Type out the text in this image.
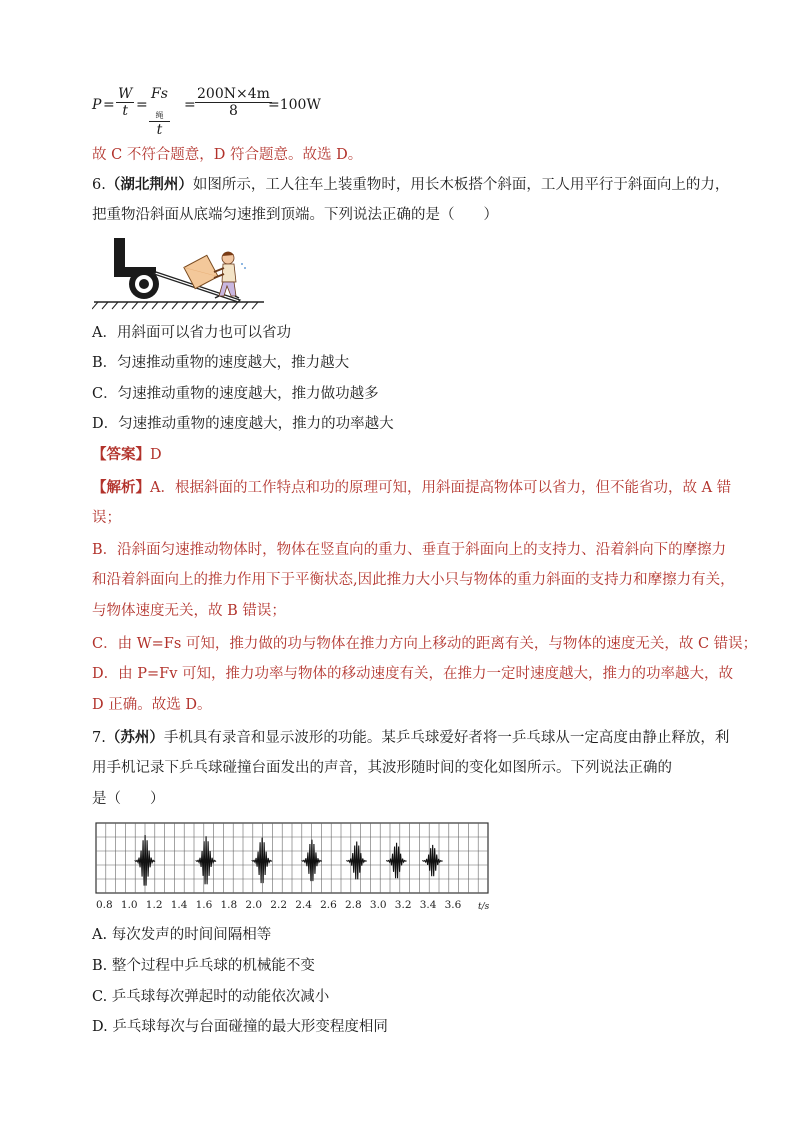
$P = \frac{W}{t}$ =
$Fs_绳$
t
= $\frac{200N\times 4m}{8}$
=100W
故 C 不符合题意，D 符合题意。故选 D。
6.（湖北荆州）如图所示，工人往车上装重物时，用长木板搭个斜面，工人用平行于斜面向上的力，
把重物沿斜面从底端匀速推到顶端。下列说法正确的是（　　）
A．用斜面可以省力也可以省功
B．匀速推动重物的速度越大，推力越大
C．匀速推动重物的速度越大，推力做功越多
D．匀速推动重物的速度越大，推力的功率越大
【答案】D
【解析】A．根据斜面的工作特点和功的原理可知，用斜面提高物体可以省力，但不能省功，故 A 错
误；
B．沿斜面匀速推动物体时，物体在竖直向的重力、垂直于斜面向上的支持力、沿着斜向下的摩擦力
和沿着斜面向上的推力作用下于平衡状态,因此推力大小只与物体的重力斜面的支持力和摩擦力有关，
与物体速度无关，故 B 错误；
C．由 W=Fs 可知，推力做的功与物体在推力方向上移动的距离有关，与物体的速度无关，故 C 错误；
D．由 P=Fv 可知，推力功率与物体的移动速度有关，在推力一定时速度越大，推力的功率越大，故
D 正确。故选 D。
7.（苏州）手机具有录音和显示波形的功能。某乒乓球爱好者将一乒乓球从一定高度由静止释放，利
用手机记录下乒乓球碰撞台面发出的声音，其波形随时间的变化如图所示。下列说法正确的
是（　　）
0.8 1.0 1.2 1.4 1.6 1.8 2.0 2.2 2.4 2.6 2.8 3.0 3.2 3.4 3.6 t/s
A. 每次发声的时间间隔相等
B. 整个过程中乒乓球的机械能不变
C. 乒乓球每次弹起时的动能依次减小
D. 乒乓球每次与台面碰撞的最大形变程度相同
